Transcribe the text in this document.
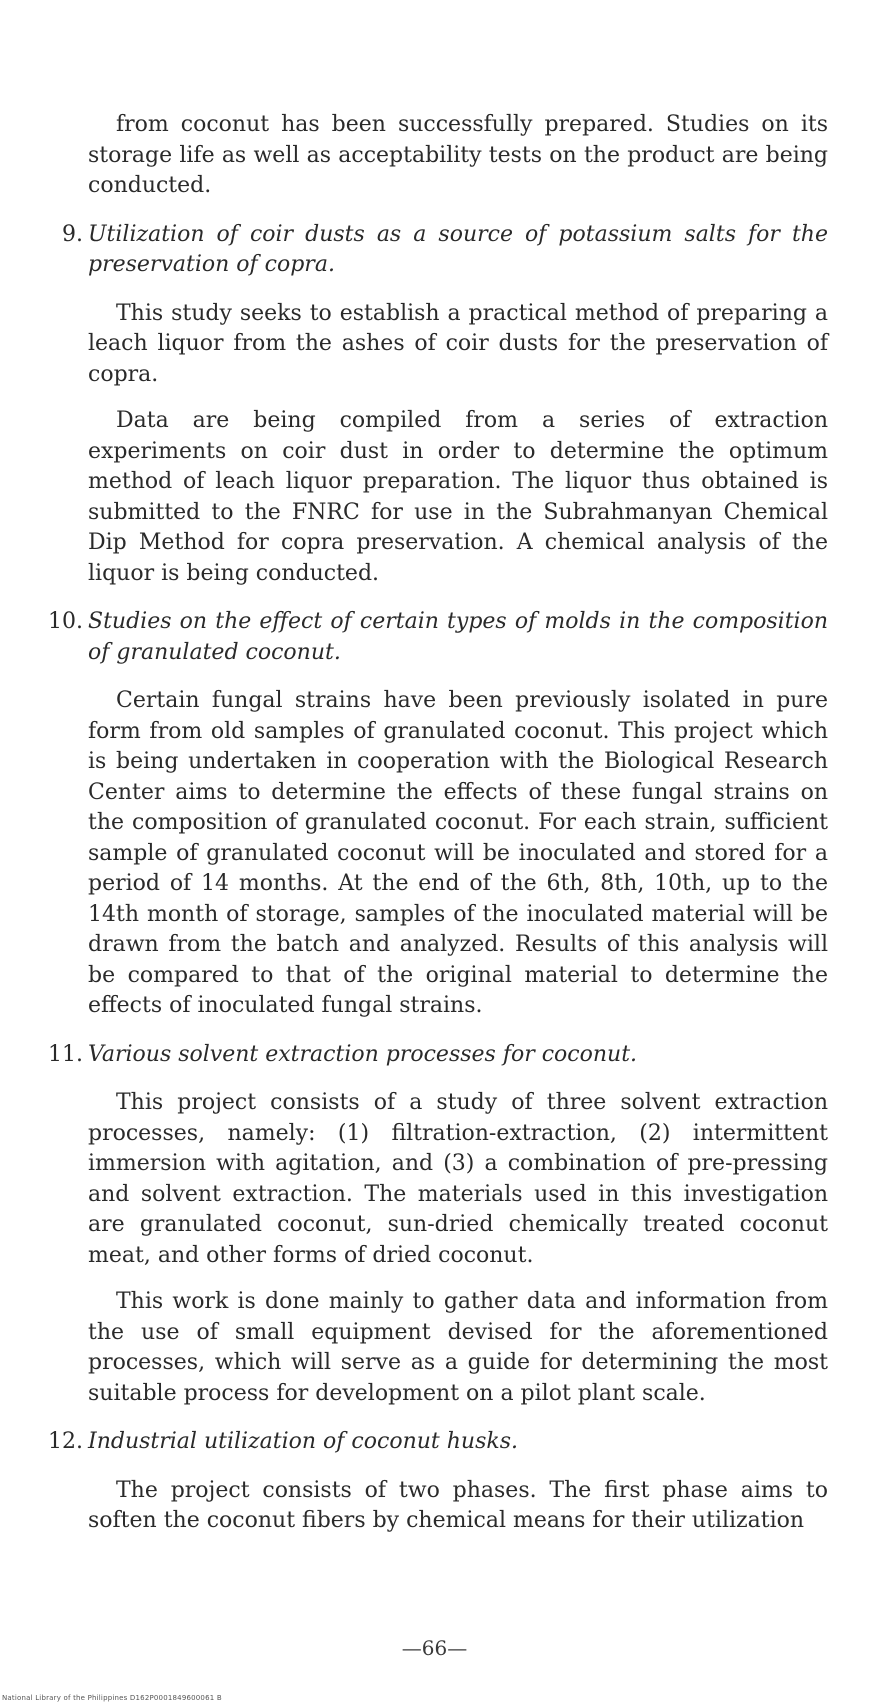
from coconut has been successfully prepared. Studies on its storage life as well as acceptability tests on the product are being conducted.

9. Utilization of coir dusts as a source of potassium salts for the preservation of copra.

This study seeks to establish a practical method of preparing a leach liquor from the ashes of coir dusts for the preservation of copra.

Data are being compiled from a series of extraction experiments on coir dust in order to determine the optimum method of leach liquor preparation. The liquor thus obtained is submitted to the FNRC for use in the Subrahmanyan Chemical Dip Method for copra preservation. A chemical analysis of the liquor is being conducted.

10. Studies on the effect of certain types of molds in the composition of granulated coconut.

Certain fungal strains have been previously isolated in pure form from old samples of granulated coconut. This project which is being undertaken in cooperation with the Biological Research Center aims to determine the effects of these fungal strains on the composition of granulated coconut. For each strain, sufficient sample of granulated coconut will be inoculated and stored for a period of 14 months. At the end of the 6th, 8th, 10th, up to the 14th month of storage, samples of the inoculated material will be drawn from the batch and analyzed. Results of this analysis will be compared to that of the original material to determine the effects of inoculated fungal strains.

11. Various solvent extraction processes for coconut.

This project consists of a study of three solvent extraction processes, namely: (1) filtration-extraction, (2) intermittent immersion with agitation, and (3) a combination of pre-pressing and solvent extraction. The materials used in this investigation are granulated coconut, sun-dried chemically treated coconut meat, and other forms of dried coconut.

This work is done mainly to gather data and information from the use of small equipment devised for the aforementioned processes, which will serve as a guide for determining the most suitable process for development on a pilot plant scale.

12. Industrial utilization of coconut husks.

The project consists of two phases. The first phase aims to soften the coconut fibers by chemical means for their utilization

—66—
National Library of the Philippines D162P0001849600061 B
